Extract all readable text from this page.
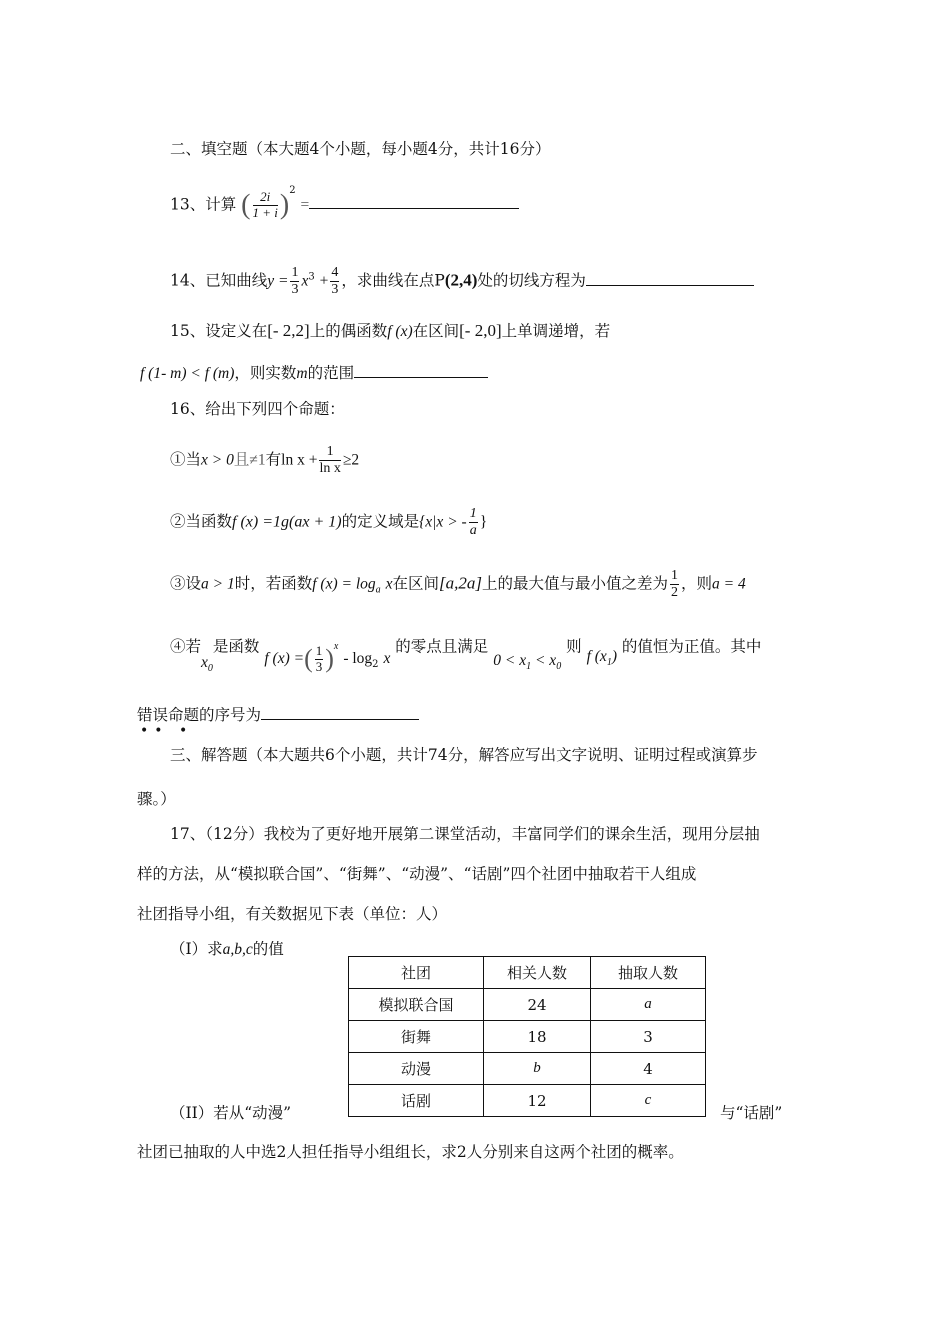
二、填空题（本大题4个小题，每小题4分，共计16分）
13、计算 ( $\frac{2i}{1 + i} )^2$ =
14、已知曲线$y = \frac{1}{3} x^3 + \frac{4}{3}$ ，求曲线在点P(2,4)处的切线方程为
15、设定义在[- 2,2]上的偶函数f (x)在区间[- 2,0]上单调递增，若
f (1- m) < f (m)，则实数m的范围
16、给出下列四个命题：
①当x > 0且≠1有$\ln x + \frac{1}{\text{ln x}} \ge 2$
②当函数f (x) =1g(ax + 1)的定义域是{x|x > - $\frac{1}{a}$ }
③设a > 1时，若函数f $(x) = \log_a x$在区间[a,2a]上的最大值与最小值之差为 $\frac{1}{2}$ ，则a = 4
④若$x_0$是函数 f (x) =( $\frac{1}{3} )^x - \log_2 x$ 的零点且满足 $0 < x_1 < x_0$ 则 f $(x_1)$ 的值恒为正值。其中
错误命题的序号为
•• •
三、解答题（本大题共6个小题，共计74分，解答应写出文字说明、证明过程或演算步
骤。）
17、（12分）我校为了更好地开展第二课堂活动，丰富同学们的课余生活，现用分层抽
样的方法，从“模拟联合国”、“街舞”、“动漫”、“话剧”四个社团中抽取若干人组成
社团指导小组，有关数据见下表（单位：人）
（I）求a,b,c的值
社团	相关人数	抽取人数
模拟联合国	24	a
街舞	18	3
动漫	b	4
话剧	12	c
（II）若从“动漫”	与“话剧”
社团已抽取的人中选2人担任指导小组组长，求2人分别来自这两个社团的概率。
